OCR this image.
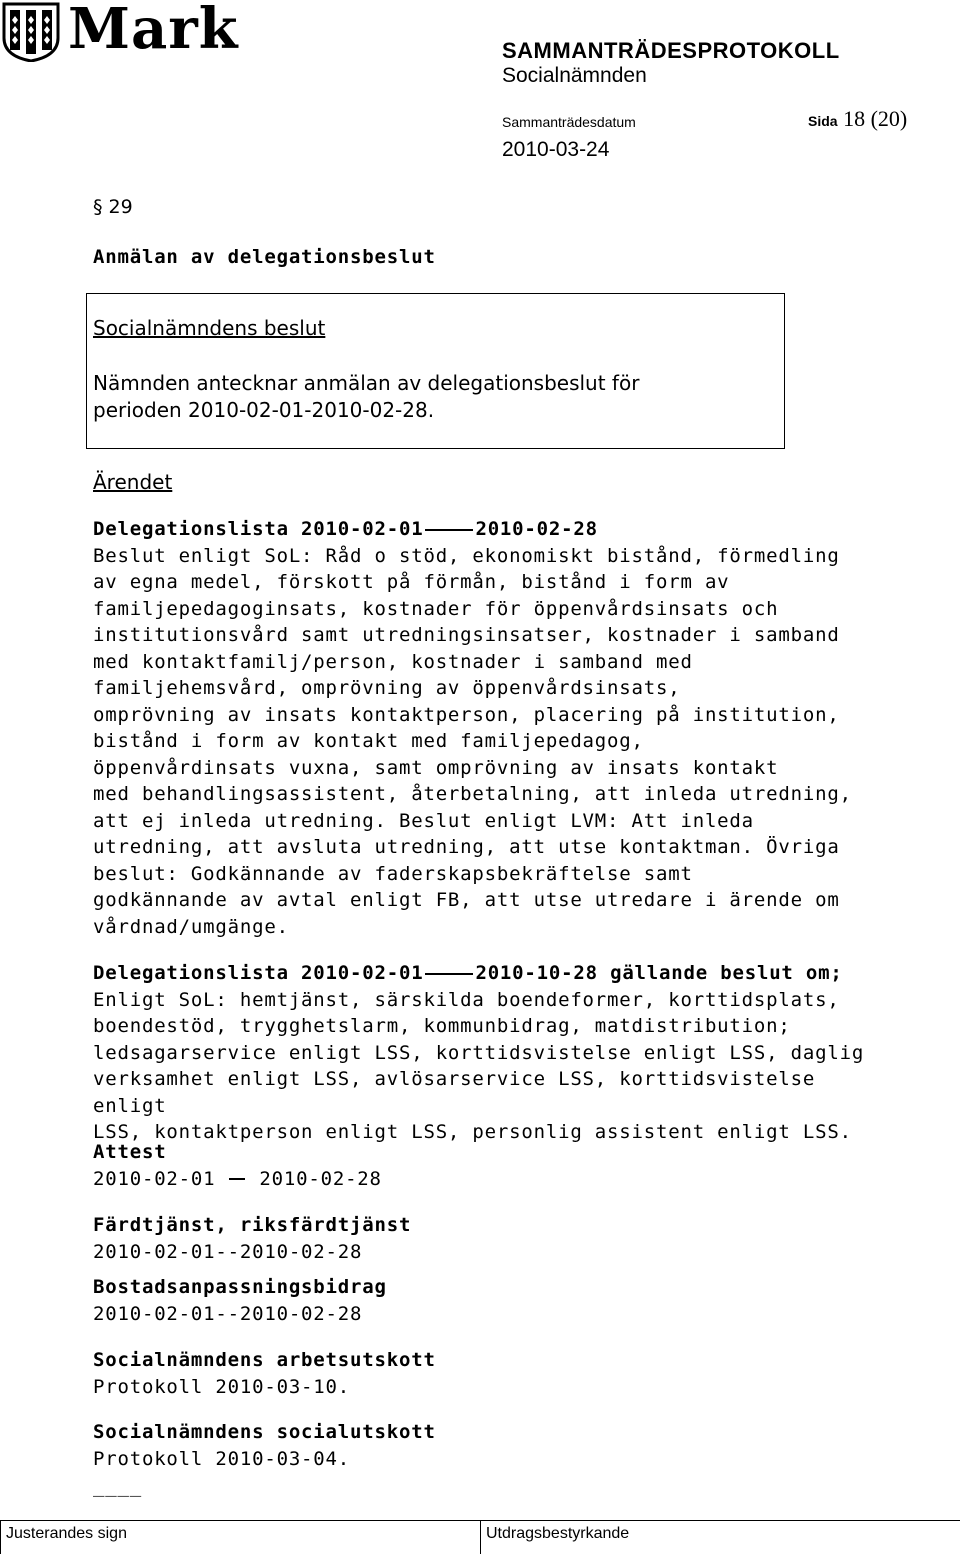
Mark	SAMMANTRÄDESPROTOKOLL
Socialnämnden
Sammanträdesdatum	Sida 18 (20)
2010-03-24
§ 29
Anmälan av delegationsbeslut
Socialnämndens beslut
Nämnden antecknar anmälan av delegationsbeslut för
perioden 2010-02-01-2010-02-28.
Ärendet

Delegationslista 2010-02-01	2010-02-28

Beslut enligt SoL: Råd o stöd, ekonomiskt bistånd, förmedling

av egna medel, förskott på förmån, bistånd i form av

familjepedagoginsats, kostnader för öppenvårdsinsats och

institutionsvård samt utredningsinsatser, kostnader i samband

med kontaktfamilj/person, kostnader i samband med

familjehemsvård, omprövning av öppenvårdsinsats,

omprövning av insats kontaktperson, placering på institution,

bistånd i form av kontakt med familjepedagog,

öppenvårdinsats vuxna, samt omprövning av insats kontakt

med behandlingsassistent, återbetalning, att inleda utredning,

att ej inleda utredning. Beslut enligt LVM: Att inleda

utredning, att avsluta utredning, att utse kontaktman. Övriga

beslut: Godkännande av faderskapsbekräftelse samt

godkännande av avtal enligt FB, att utse utredare i ärende om

vårdnad/umgänge.

Delegationslista 2010-02-01	2010-10-28 gällande beslut om;

Enligt SoL: hemtjänst, särskilda boendeformer, korttidsplats,

boendestöd, trygghetslarm, kommunbidrag, matdistribution;

ledsagarservice enligt LSS, korttidsvistelse enligt LSS, daglig

verksamhet enligt LSS, avlösarservice LSS, korttidsvistelse enligt

LSS, kontaktperson enligt LSS, personlig assistent enligt LSS.

Attest

2010-02-01 2010-02-28

Färdtjänst, riksfärdtjänst

2010-02-01--2010-02-28

Bostadsanpassningsbidrag

2010-02-01--2010-02-28

Socialnämndens arbetsutskott

Protokoll 2010-03-10.

Socialnämndens socialutskott

Protokoll 2010-03-04.

____
Justerandes sign	Utdragsbestyrkande
